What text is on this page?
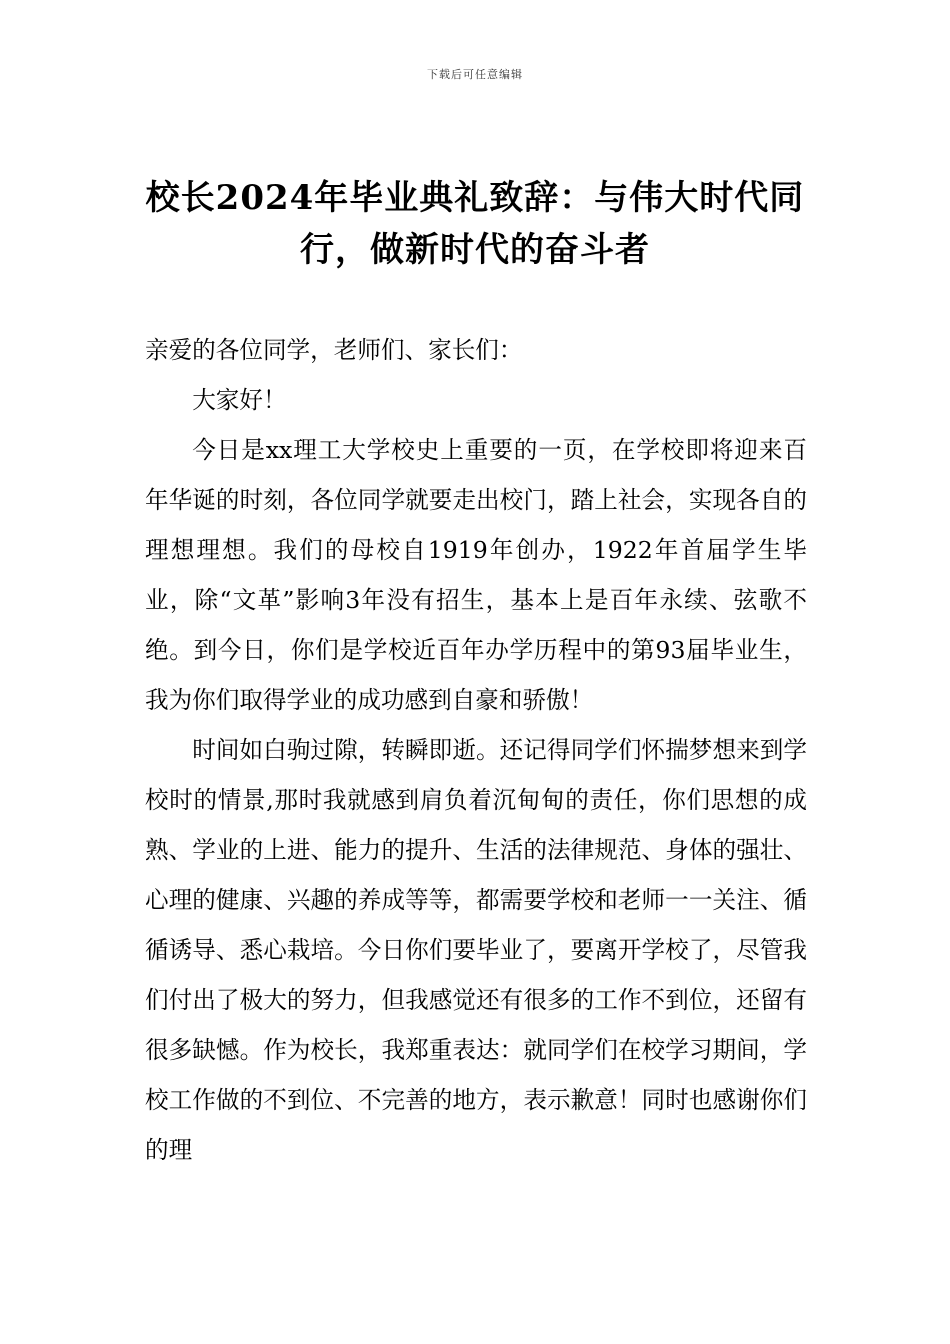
下载后可任意编辑
校长2024年毕业典礼致辞：与伟大时代同行，做新时代的奋斗者

亲爱的各位同学，老师们、家长们：

大家好！

今日是xx理工大学校史上重要的一页，在学校即将迎来百年华诞的时刻，各位同学就要走出校门，踏上社会，实现各自的理想理想。我们的母校自1919年创办，1922年首届学生毕业，除“文革”影响3年没有招生，基本上是百年永续、弦歌不绝。到今日，你们是学校近百年办学历程中的第93届毕业生，我为你们取得学业的成功感到自豪和骄傲！

时间如白驹过隙，转瞬即逝。还记得同学们怀揣梦想来到学校时的情景,那时我就感到肩负着沉甸甸的责任，你们思想的成熟、学业的上进、能力的提升、生活的法律规范、身体的强壮、心理的健康、兴趣的养成等等，都需要学校和老师一一关注、循循诱导、悉心栽培。今日你们要毕业了，要离开学校了，尽管我们付出了极大的努力，但我感觉还有很多的工作不到位，还留有很多缺憾。作为校长，我郑重表达：就同学们在校学习期间，学校工作做的不到位、不完善的地方，表示歉意！同时也感谢你们的理
